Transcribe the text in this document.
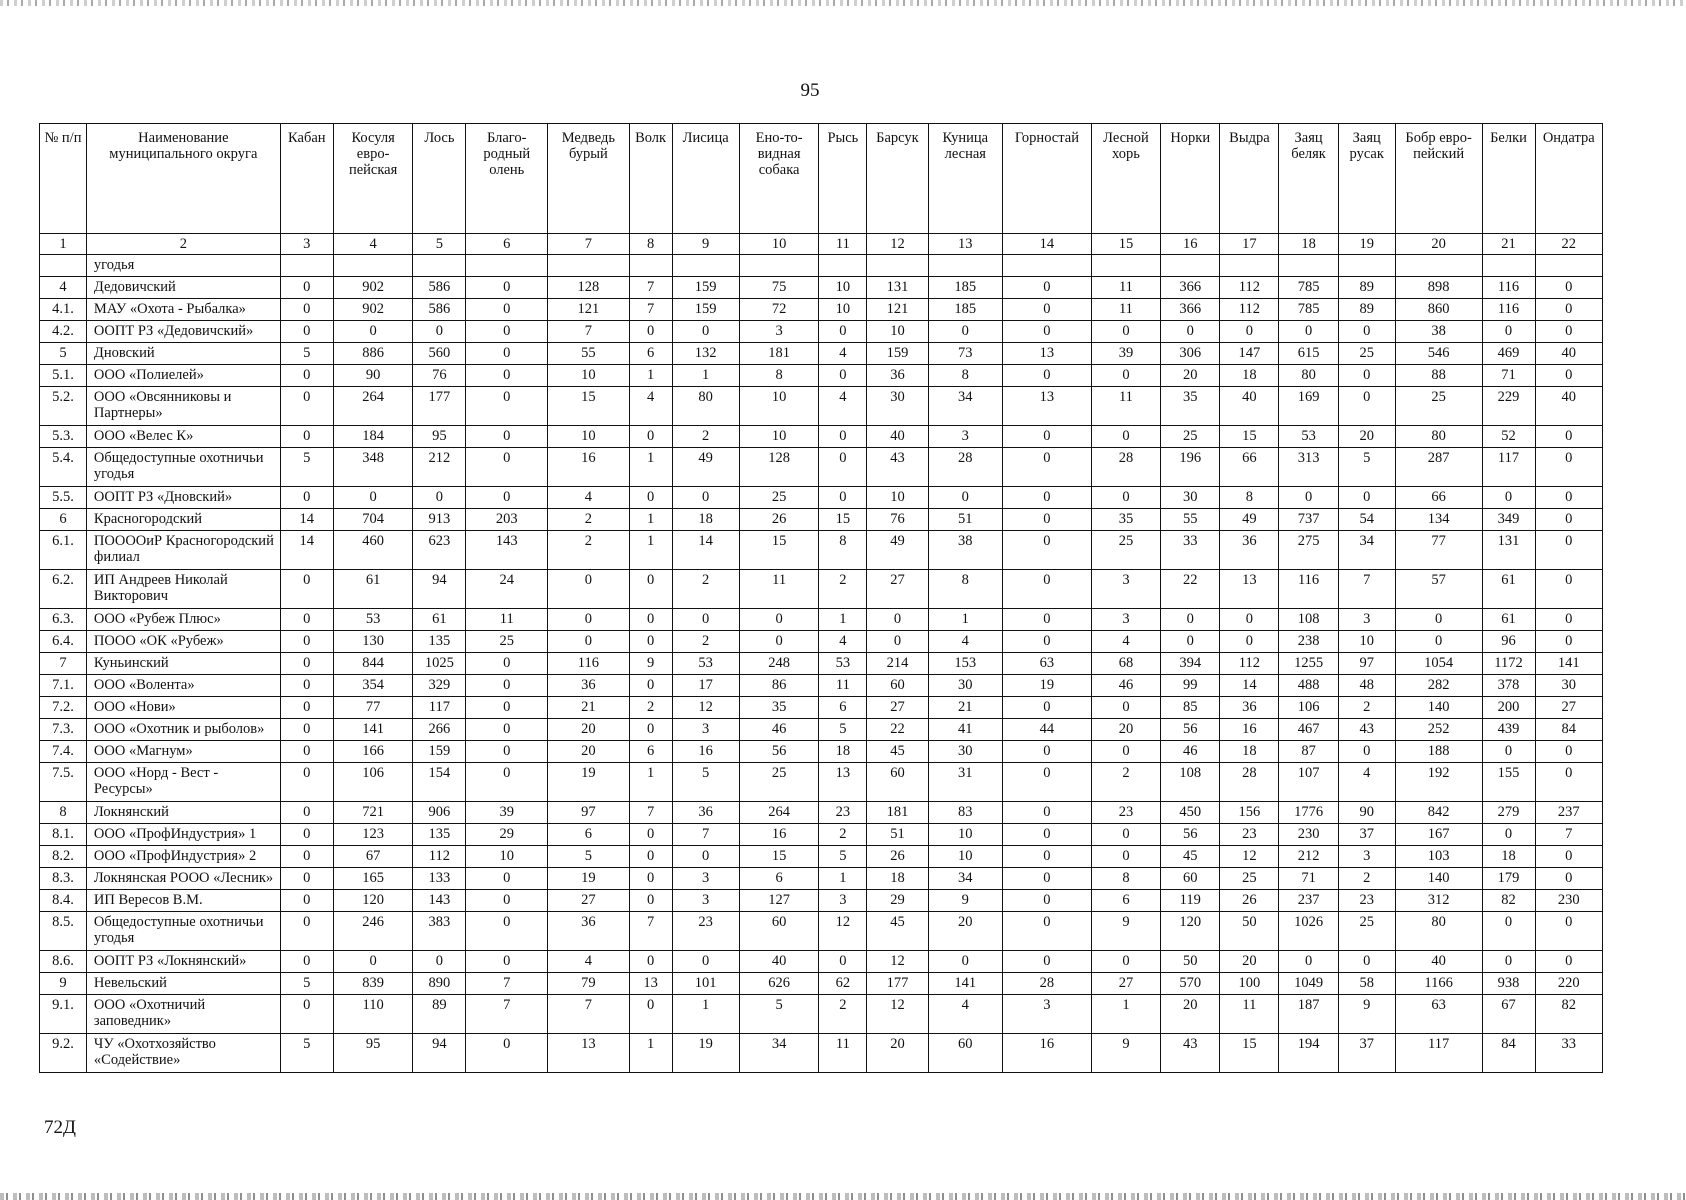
95
№ п/п	Наименование муниципального округа	Кабан	Косуля евро-пейская	Лось	Благо-родный олень	Медведь бурый	Волк	Лисица	Ено-то-видная собака	Рысь	Барсук	Куница лесная	Горностай	Лесной хорь	Норки	Выдра	Заяц беляк	Заяц русак	Бобр евро-пейский	Белки	Ондатра
1	2	3	4	5	6	7	8	9	10	11	12	13	14	15	16	17	18	19	20	21	22
	угодья																				
4	Дедовичский	0	902	586	0	128	7	159	75	10	131	185	0	11	366	112	785	89	898	116	0
4.1.	МАУ «Охота - Рыбалка»	0	902	586	0	121	7	159	72	10	121	185	0	11	366	112	785	89	860	116	0
4.2.	ООПТ РЗ «Дедовичский»	0	0	0	0	7	0	0	3	0	10	0	0	0	0	0	0	0	38	0	0
5	Дновский	5	886	560	0	55	6	132	181	4	159	73	13	39	306	147	615	25	546	469	40
5.1.	ООО «Полиелей»	0	90	76	0	10	1	1	8	0	36	8	0	0	20	18	80	0	88	71	0
5.2.	ООО «Овсянниковы и Партнеры»	0	264	177	0	15	4	80	10	4	30	34	13	11	35	40	169	0	25	229	40
5.3.	ООО «Велес К»	0	184	95	0	10	0	2	10	0	40	3	0	0	25	15	53	20	80	52	0
5.4.	Общедоступные охотничьи угодья	5	348	212	0	16	1	49	128	0	43	28	0	28	196	66	313	5	287	117	0
5.5.	ООПТ РЗ «Дновский»	0	0	0	0	4	0	0	25	0	10	0	0	0	30	8	0	0	66	0	0
6	Красногородский	14	704	913	203	2	1	18	26	15	76	51	0	35	55	49	737	54	134	349	0
6.1.	ПООООиР Красногородский филиал	14	460	623	143	2	1	14	15	8	49	38	0	25	33	36	275	34	77	131	0
6.2.	ИП Андреев Николай Викторович	0	61	94	24	0	0	2	11	2	27	8	0	3	22	13	116	7	57	61	0
6.3.	ООО «Рубеж Плюс»	0	53	61	11	0	0	0	0	1	0	1	0	3	0	0	108	3	0	61	0
6.4.	ПООО «ОК «Рубеж»	0	130	135	25	0	0	2	0	4	0	4	0	4	0	0	238	10	0	96	0
7	Куньинский	0	844	1025	0	116	9	53	248	53	214	153	63	68	394	112	1255	97	1054	1172	141
7.1.	ООО «Волента»	0	354	329	0	36	0	17	86	11	60	30	19	46	99	14	488	48	282	378	30
7.2.	ООО «Нови»	0	77	117	0	21	2	12	35	6	27	21	0	0	85	36	106	2	140	200	27
7.3.	ООО «Охотник и рыболов»	0	141	266	0	20	0	3	46	5	22	41	44	20	56	16	467	43	252	439	84
7.4.	ООО «Магнум»	0	166	159	0	20	6	16	56	18	45	30	0	0	46	18	87	0	188	0	0
7.5.	ООО «Норд - Вест - Ресурсы»	0	106	154	0	19	1	5	25	13	60	31	0	2	108	28	107	4	192	155	0
8	Локнянский	0	721	906	39	97	7	36	264	23	181	83	0	23	450	156	1776	90	842	279	237
8.1.	ООО «ПрофИндустрия» 1	0	123	135	29	6	0	7	16	2	51	10	0	0	56	23	230	37	167	0	7
8.2.	ООО «ПрофИндустрия» 2	0	67	112	10	5	0	0	15	5	26	10	0	0	45	12	212	3	103	18	0
8.3.	Локнянская РООО «Лесник»	0	165	133	0	19	0	3	6	1	18	34	0	8	60	25	71	2	140	179	0
8.4.	ИП Вересов В.М.	0	120	143	0	27	0	3	127	3	29	9	0	6	119	26	237	23	312	82	230
8.5.	Общедоступные охотничьи угодья	0	246	383	0	36	7	23	60	12	45	20	0	9	120	50	1026	25	80	0	0
8.6.	ООПТ РЗ «Локнянский»	0	0	0	0	4	0	0	40	0	12	0	0	0	50	20	0	0	40	0	0
9	Невельский	5	839	890	7	79	13	101	626	62	177	141	28	27	570	100	1049	58	1166	938	220
9.1.	ООО «Охотничий заповедник»	0	110	89	7	7	0	1	5	2	12	4	3	1	20	11	187	9	63	67	82
9.2.	ЧУ «Охотхозяйство «Содействие»	5	95	94	0	13	1	19	34	11	20	60	16	9	43	15	194	37	117	84	33
72Д
